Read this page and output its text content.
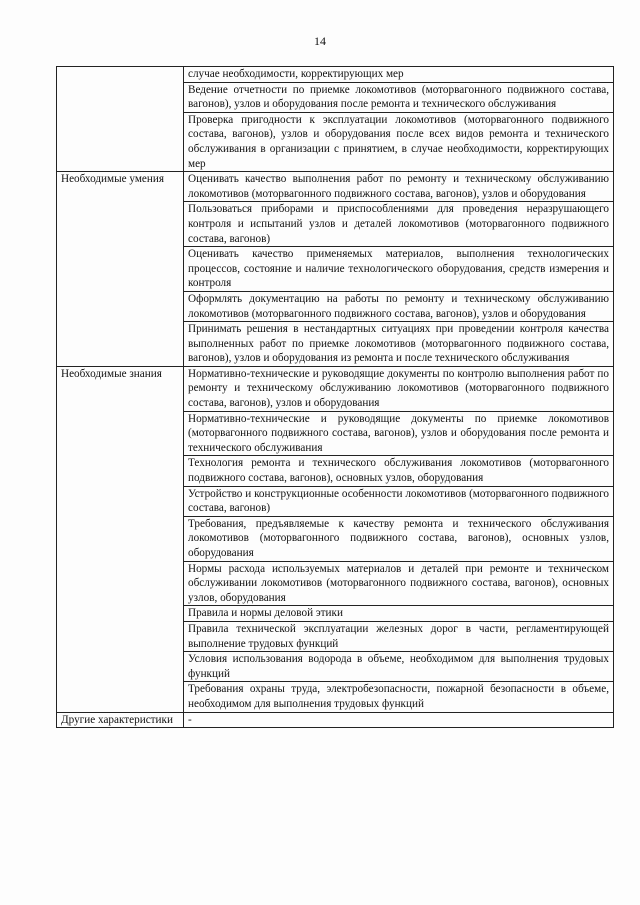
14

	случае необходимости, корректирующих мер

	Ведение отчетности по приемке локомотивов (моторвагонного подвижного состава, вагонов), узлов и оборудования после ремонта и технического обслуживания

	Проверка пригодности к эксплуатации локомотивов (моторвагонного подвижного состава, вагонов), узлов и оборудования после всех видов ремонта и технического обслуживания в организации с принятием, в случае необходимости, корректирующих мер

Необходимые умения	Оценивать качество выполнения работ по ремонту и техническому обслуживанию локомотивов (моторвагонного подвижного состава, вагонов), узлов и оборудования

	Пользоваться приборами и приспособлениями для проведения неразрушающего контроля и испытаний узлов и деталей локомотивов (моторвагонного подвижного состава, вагонов)

	Оценивать качество применяемых материалов, выполнения технологических процессов, состояние и наличие технологического оборудования, средств измерения и контроля

	Оформлять документацию на работы по ремонту и техническому обслуживанию локомотивов (моторвагонного подвижного состава, вагонов), узлов и оборудования

	Принимать решения в нестандартных ситуациях при проведении контроля качества выполненных работ по приемке локомотивов (моторвагонного подвижного состава, вагонов), узлов и оборудования из ремонта и после технического обслуживания

Необходимые знания	Нормативно-технические и руководящие документы по контролю выполнения работ по ремонту и техническому обслуживанию локомотивов (моторвагонного подвижного состава, вагонов), узлов и оборудования

	Нормативно-технические и руководящие документы по приемке локомотивов (моторвагонного подвижного состава, вагонов), узлов и оборудования после ремонта и технического обслуживания

	Технология ремонта и технического обслуживания локомотивов (моторвагонного подвижного состава, вагонов), основных узлов, оборудования

	Устройство и конструкционные особенности локомотивов (моторвагонного подвижного состава, вагонов)

	Требования, предъявляемые к качеству ремонта и технического обслуживания локомотивов (моторвагонного подвижного состава, вагонов), основных узлов, оборудования

	Нормы расхода используемых материалов и деталей при ремонте и техническом обслуживании локомотивов (моторвагонного подвижного состава, вагонов), основных узлов, оборудования

	Правила и нормы деловой этики

	Правила технической эксплуатации железных дорог в части, регламентирующей выполнение трудовых функций

	Условия использования водорода в объеме, необходимом для выполнения трудовых функций

	Требования охраны труда, электробезопасности, пожарной безопасности в объеме, необходимом для выполнения трудовых функций

Другие характеристики	-
